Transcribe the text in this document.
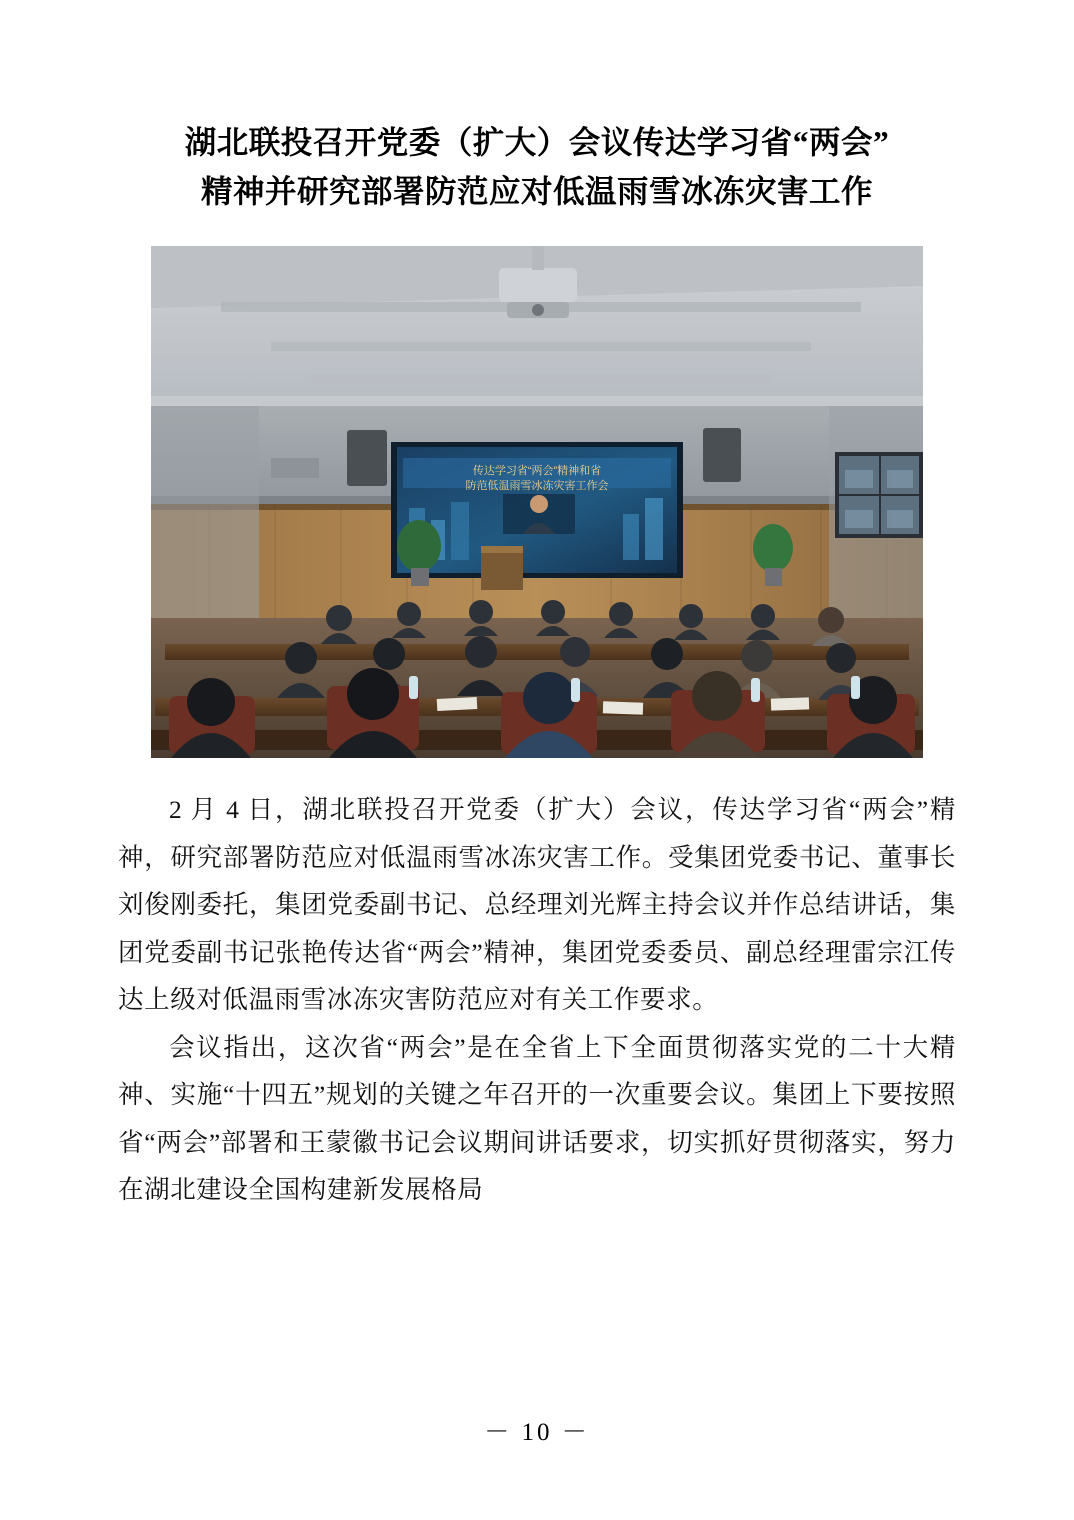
湖北联投召开党委（扩大）会议传达学习省“两会”
精神并研究部署防范应对低温雨雪冰冻灾害工作
传达学习省“两会”精神和省
防范低温雨雪冰冻灾害工作会

2 月 4 日，湖北联投召开党委（扩大）会议，传达学习省“两会”精神，研究部署防范应对低温雨雪冰冻灾害工作。受集团党委书记、董事长刘俊刚委托，集团党委副书记、总经理刘光辉主持会议并作总结讲话，集团党委副书记张艳传达省“两会”精神，集团党委委员、副总经理雷宗江传达上级对低温雨雪冰冻灾害防范应对有关工作要求。

会议指出，这次省“两会”是在全省上下全面贯彻落实党的二十大精神、实施“十四五”规划的关键之年召开的一次重要会议。集团上下要按照省“两会”部署和王蒙徽书记会议期间讲话要求，切实抓好贯彻落实，努力在湖北建设全国构建新发展格局

－ 10 －
